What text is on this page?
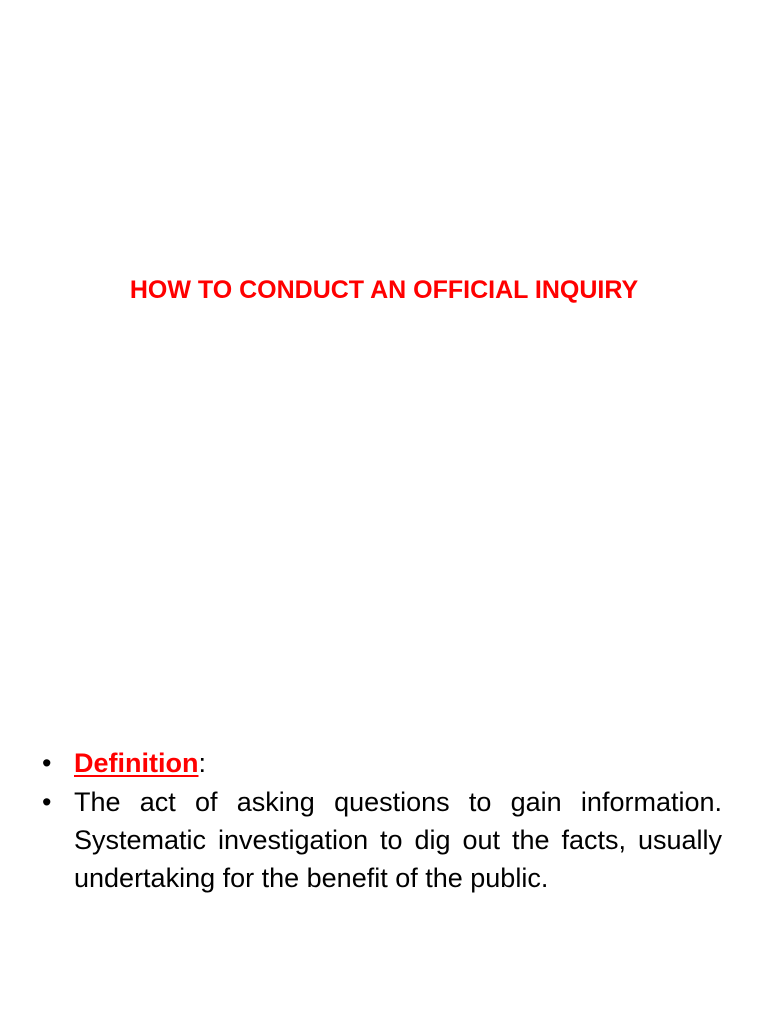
HOW TO CONDUCT AN OFFICIAL INQUIRY
• Definition:
• The act of asking questions to gain information. Systematic investigation to dig out the facts, usually undertaking for the benefit of the public.
